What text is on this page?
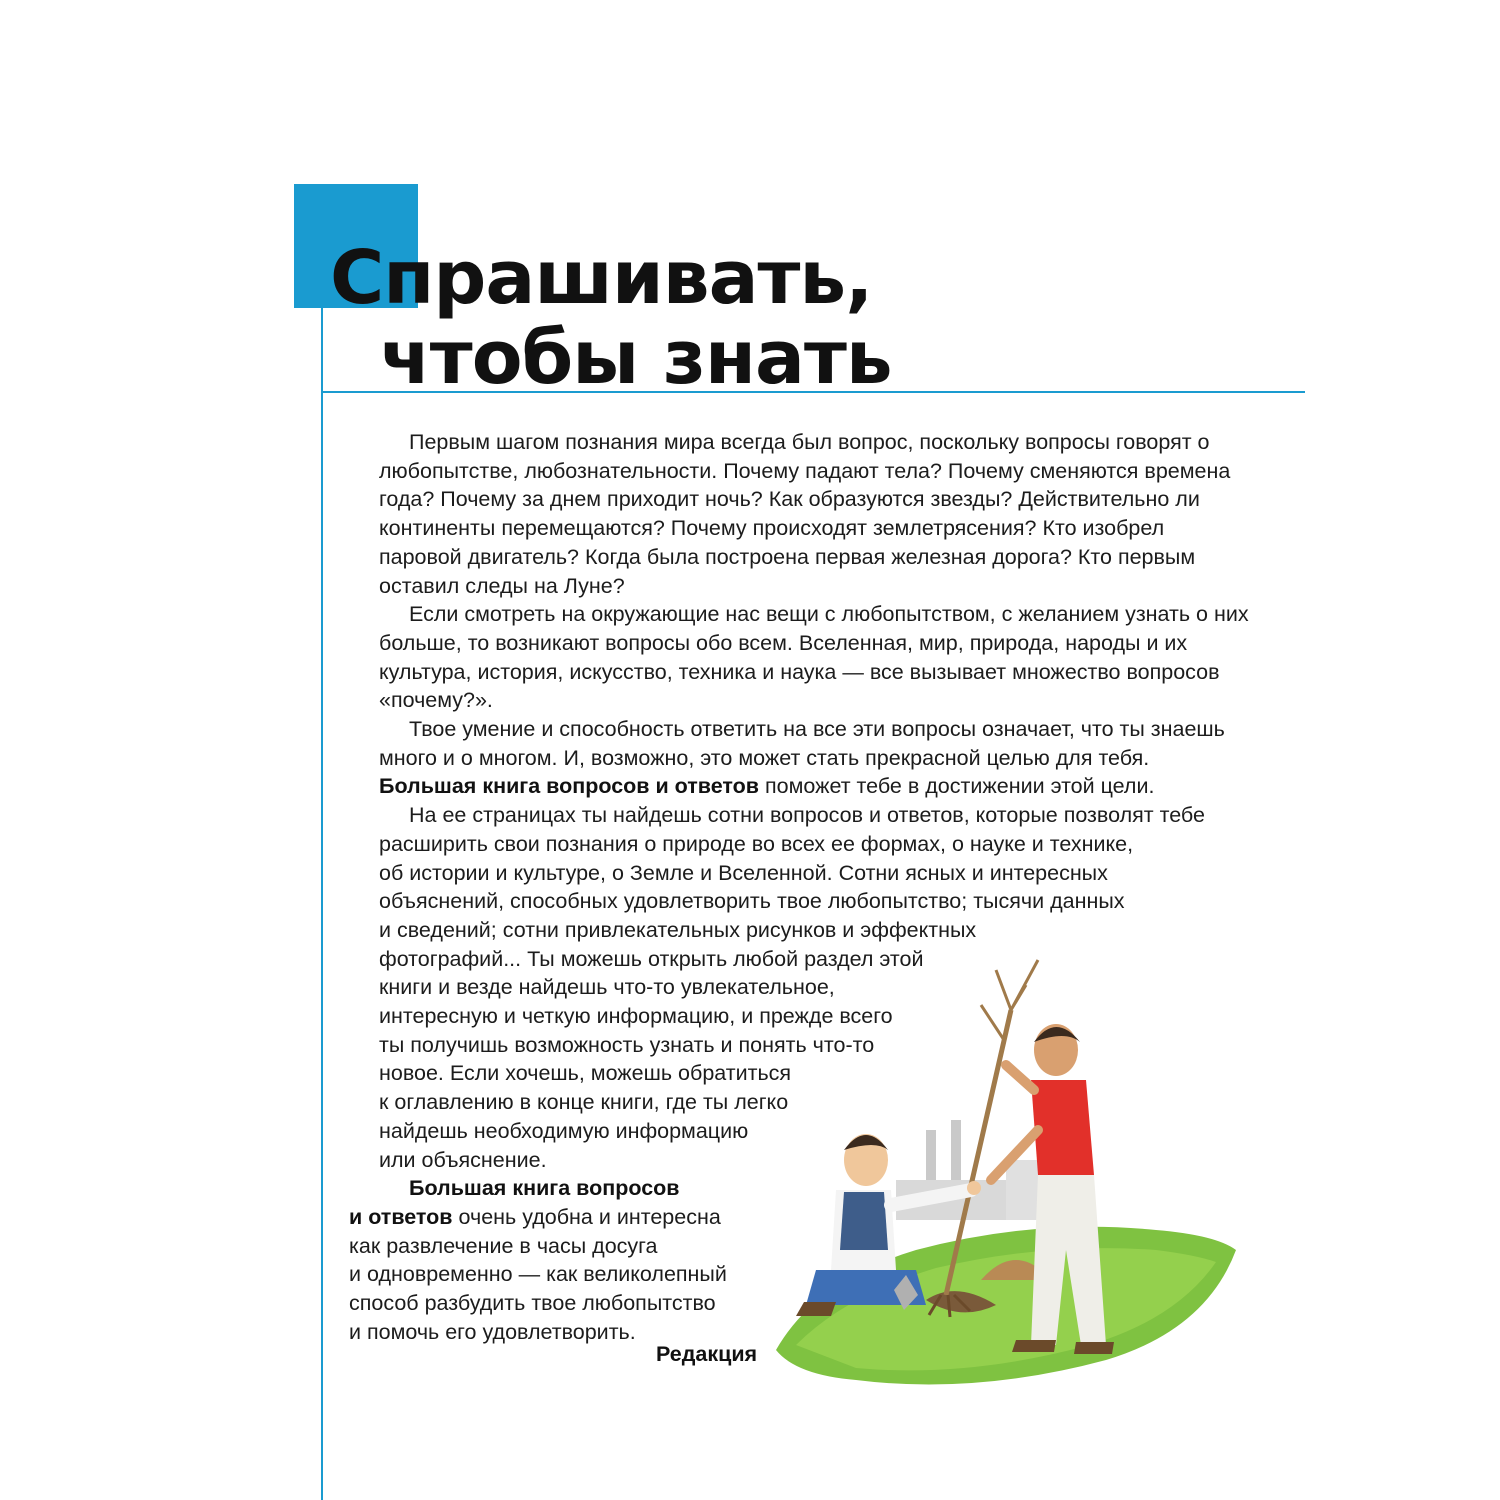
Спрашивать,
чтобы знать

Первым шагом познания мира всегда был вопрос, поскольку вопросы говорят о любопытстве, любознательности. Почему падают тела? Почему сменяются времена года? Почему за днем приходит ночь? Как образуются звезды? Действительно ли континенты перемещаются? Почему происходят землетрясения? Кто изобрел паровой двигатель? Когда была построена первая железная дорога? Кто первым оставил следы на Луне?

Если смотреть на окружающие нас вещи с любопытством, с желанием узнать о них больше, то возникают вопросы обо всем. Вселенная, мир, природа, народы и их культура, история, искусство, техника и наука — все вызывает множество вопросов «почему?».

Твое умение и способность ответить на все эти вопросы означает, что ты знаешь много и о многом. И, возможно, это может стать прекрасной целью для тебя.
Большая книга вопросов и ответов поможет тебе в достижении этой цели.

На ее страницах ты найдешь сотни вопросов и ответов, которые позволят тебе
расширить свои познания о природе во всех ее формах, о науке и технике,
об истории и культуре, о Земле и Вселенной. Сотни ясных и интересных
объяснений, способных удовлетворить твое любопытство; тысячи данных
и сведений; сотни привлекательных рисунков и эффектных
фотографий... Ты можешь открыть любой раздел этой
книги и везде найдешь что-то увлекательное,
интересную и четкую информацию, и прежде всего
ты получишь возможность узнать и понять что-то
новое. Если хочешь, можешь обратиться
к оглавлению в конце книги, где ты легко
найдешь необходимую информацию
или объяснение.

Большая книга вопросов
и ответов очень удобна и интересна
как развлечение в часы досуга
и одновременно — как великолепный
способ разбудить твое любопытство
и помочь его удовлетворить.

Редакция
